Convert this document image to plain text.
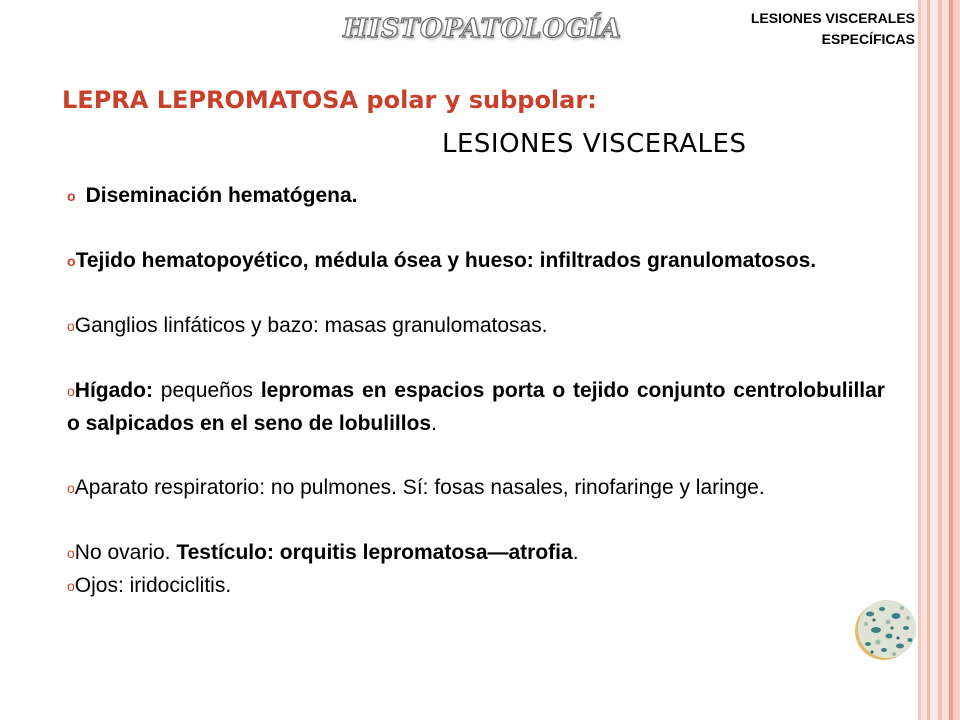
HISTOPATOLOGÍA	LESIONES VISCERALES
ESPECÍFICAS
LEPRA LEPROMATOSA polar y subpolar:
LESIONES VISCERALES
o Diseminación hematógena.
oTejido hematopoyético, médula ósea y hueso: infiltrados granulomatosos.
oGanglios linfáticos y bazo: masas granulomatosas.
oHígado: pequeños lepromas en espacios porta o tejido conjunto centrolobulillar o salpicados en el seno de lobulillos.
oAparato respiratorio: no pulmones. Sí: fosas nasales, rinofaringe y laringe.
oNo ovario. Testículo: orquitis lepromatosa—atrofia.
oOjos: iridociclitis.
